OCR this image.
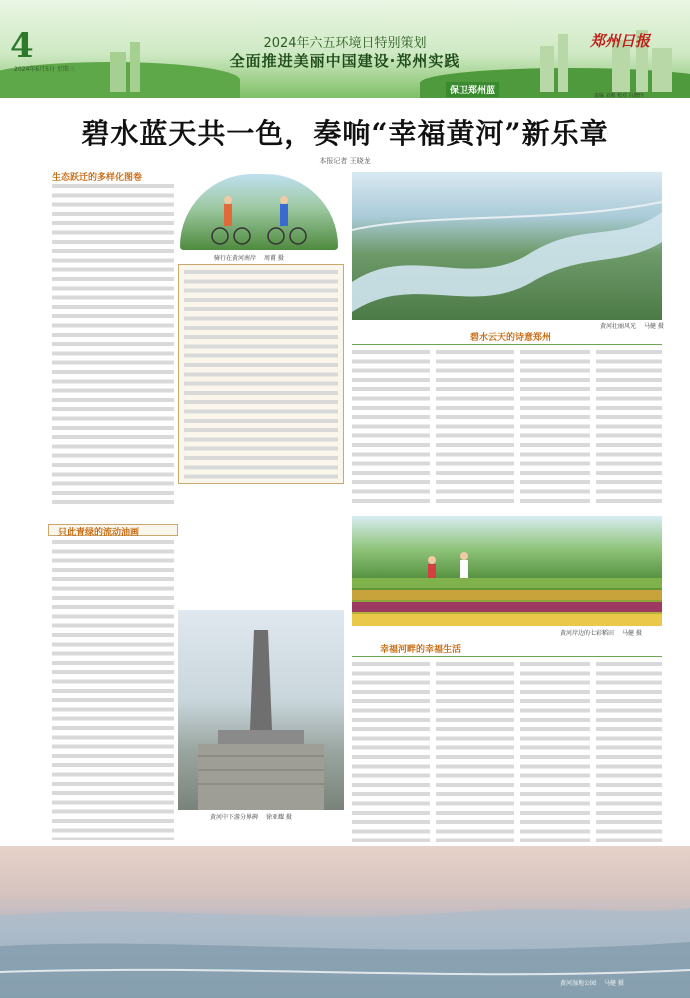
4
2024年6月5日 星期三
2024年六五环境日特别策划
全面推进美丽中国建设·郑州实践
郑州日报
保卫郑州蓝	责编 刘莉 校对 冯晓玲
碧水蓝天共一色，奏响“幸福黄河”新乐章
本报记者 王晓龙
生态跃迁的多样化图卷
只此青绿的流动油画
骑行在黄河南岸 周甫 摄
黄河中下游分界碑 徐亚耀 摄
黄河壮丽风光 马健 摄
碧水云天的诗意郑州
黄河岸边的七彩稻田 马健 摄
幸福河畔的幸福生活
黄河湿地公园 马健 摄
